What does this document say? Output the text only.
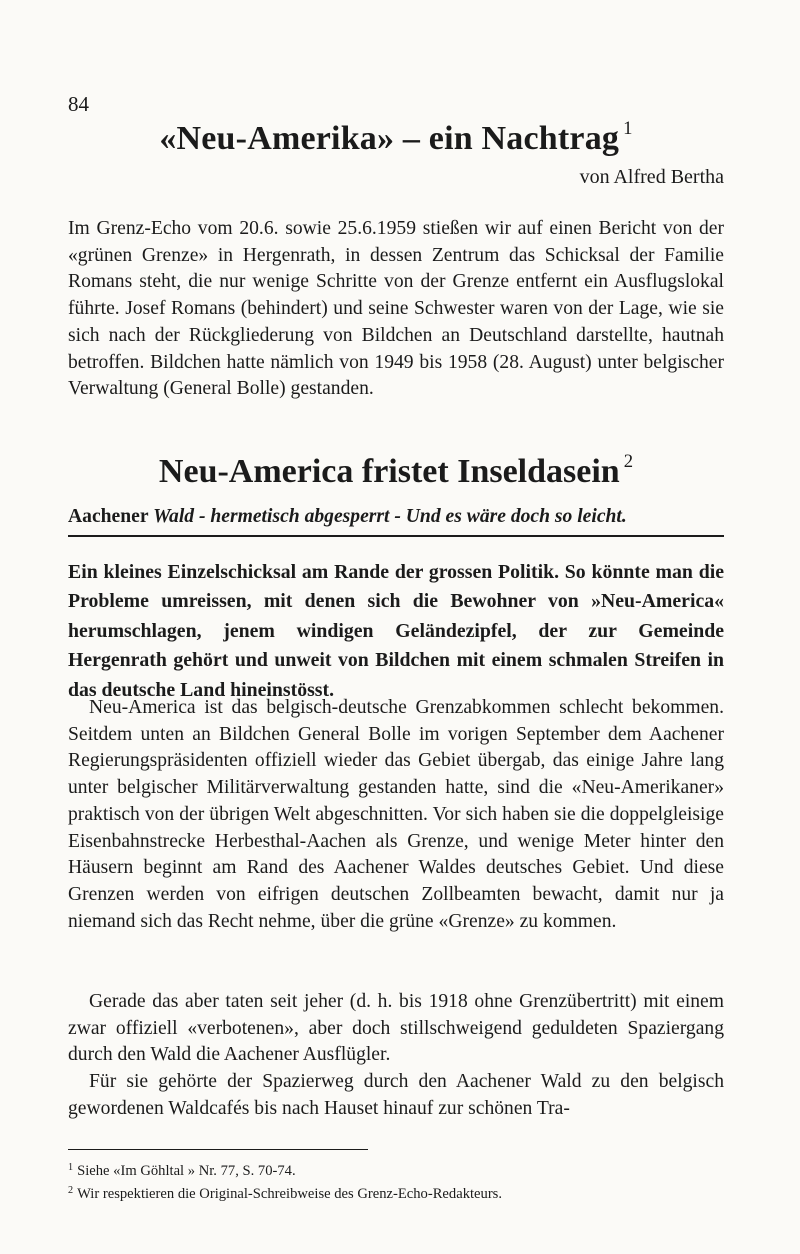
84
«Neu-Amerika» – ein Nachtrag $^1$
von Alfred Bertha

Im Grenz-Echo vom 20.6. sowie 25.6.1959 stießen wir auf einen Bericht von der «grünen Grenze» in Hergenrath, in dessen Zentrum das Schicksal der Familie Romans steht, die nur wenige Schritte von der Grenze entfernt ein Ausflugslokal führte. Josef Romans (behindert) und seine Schwester waren von der Lage, wie sie sich nach der Rückgliederung von Bildchen an Deutschland darstellte, hautnah betroffen. Bildchen hatte nämlich von 1949 bis 1958 (28. August) unter belgischer Verwaltung (General Bolle) gestanden.

Neu-America fristet Inseldasein $^2$
Aachener Wald - hermetisch abgesperrt - Und es wäre doch so leicht.

Ein kleines Einzelschicksal am Rande der grossen Politik. So könnte man die Probleme umreissen, mit denen sich die Bewohner von »Neu-America« herumschlagen, jenem windigen Geländezipfel, der zur Gemeinde Hergenrath gehört und unweit von Bildchen mit einem schmalen Streifen in das deutsche Land hineinstösst.

Neu-America ist das belgisch-deutsche Grenzabkommen schlecht bekommen. Seitdem unten an Bildchen General Bolle im vorigen September dem Aachener Regierungspräsidenten offiziell wieder das Gebiet übergab, das einige Jahre lang unter belgischer Militärverwaltung gestanden hatte, sind die «Neu-Amerikaner» praktisch von der übrigen Welt abgeschnitten. Vor sich haben sie die doppelgleisige Eisenbahnstrecke Herbesthal-Aachen als Grenze, und wenige Meter hinter den Häusern beginnt am Rand des Aachener Waldes deutsches Gebiet. Und diese Grenzen werden von eifrigen deutschen Zollbeamten bewacht, damit nur ja niemand sich das Recht nehme, über die grüne «Grenze» zu kommen.

Gerade das aber taten seit jeher (d. h. bis 1918 ohne Grenzübertritt) mit einem zwar offiziell «verbotenen», aber doch stillschweigend geduldeten Spaziergang durch den Wald die Aachener Ausflügler.

Für sie gehörte der Spazierweg durch den Aachener Wald zu den belgisch gewordenen Waldcafés bis nach Hauset hinauf zur schönen Tra-

$^1$ Siehe «Im Göhltal » Nr. 77, S. 70-74.
$^2$ Wir respektieren die Original-Schreibweise des Grenz-Echo-Redakteurs.
